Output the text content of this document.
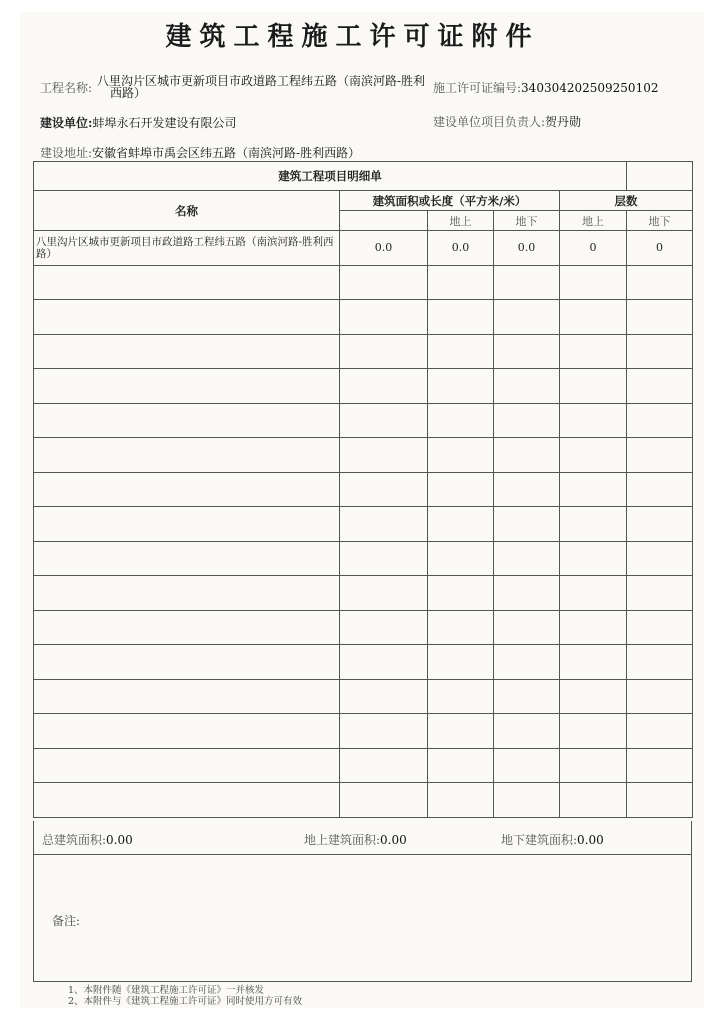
建筑工程施工许可证附件
工程名称: 八里沟片区城市更新项目市政道路工程纬五路（南滨河路-胜利
西路）	施工许可证编号:340304202509250102
建设单位:蚌埠永石开发建设有限公司	建设单位项目负责人:贺丹勋
建设地址:安徽省蚌埠市禹会区纬五路（南滨河路-胜利西路）
建筑工程项目明细单					
名称	建筑面积或长度（平方米/米）			层数	
		地上	地下	地上	地下
八里沟片区城市更新项目市政道路工程纬五路（南滨河路-胜利西路）	0.0	0.0	0.0	0	0

总建筑面积:0.00	地上建筑面积:0.00	地下建筑面积:0.00
备注:
1、本附件随《建筑工程施工许可证》一并核发
2、本附件与《建筑工程施工许可证》同时使用方可有效
